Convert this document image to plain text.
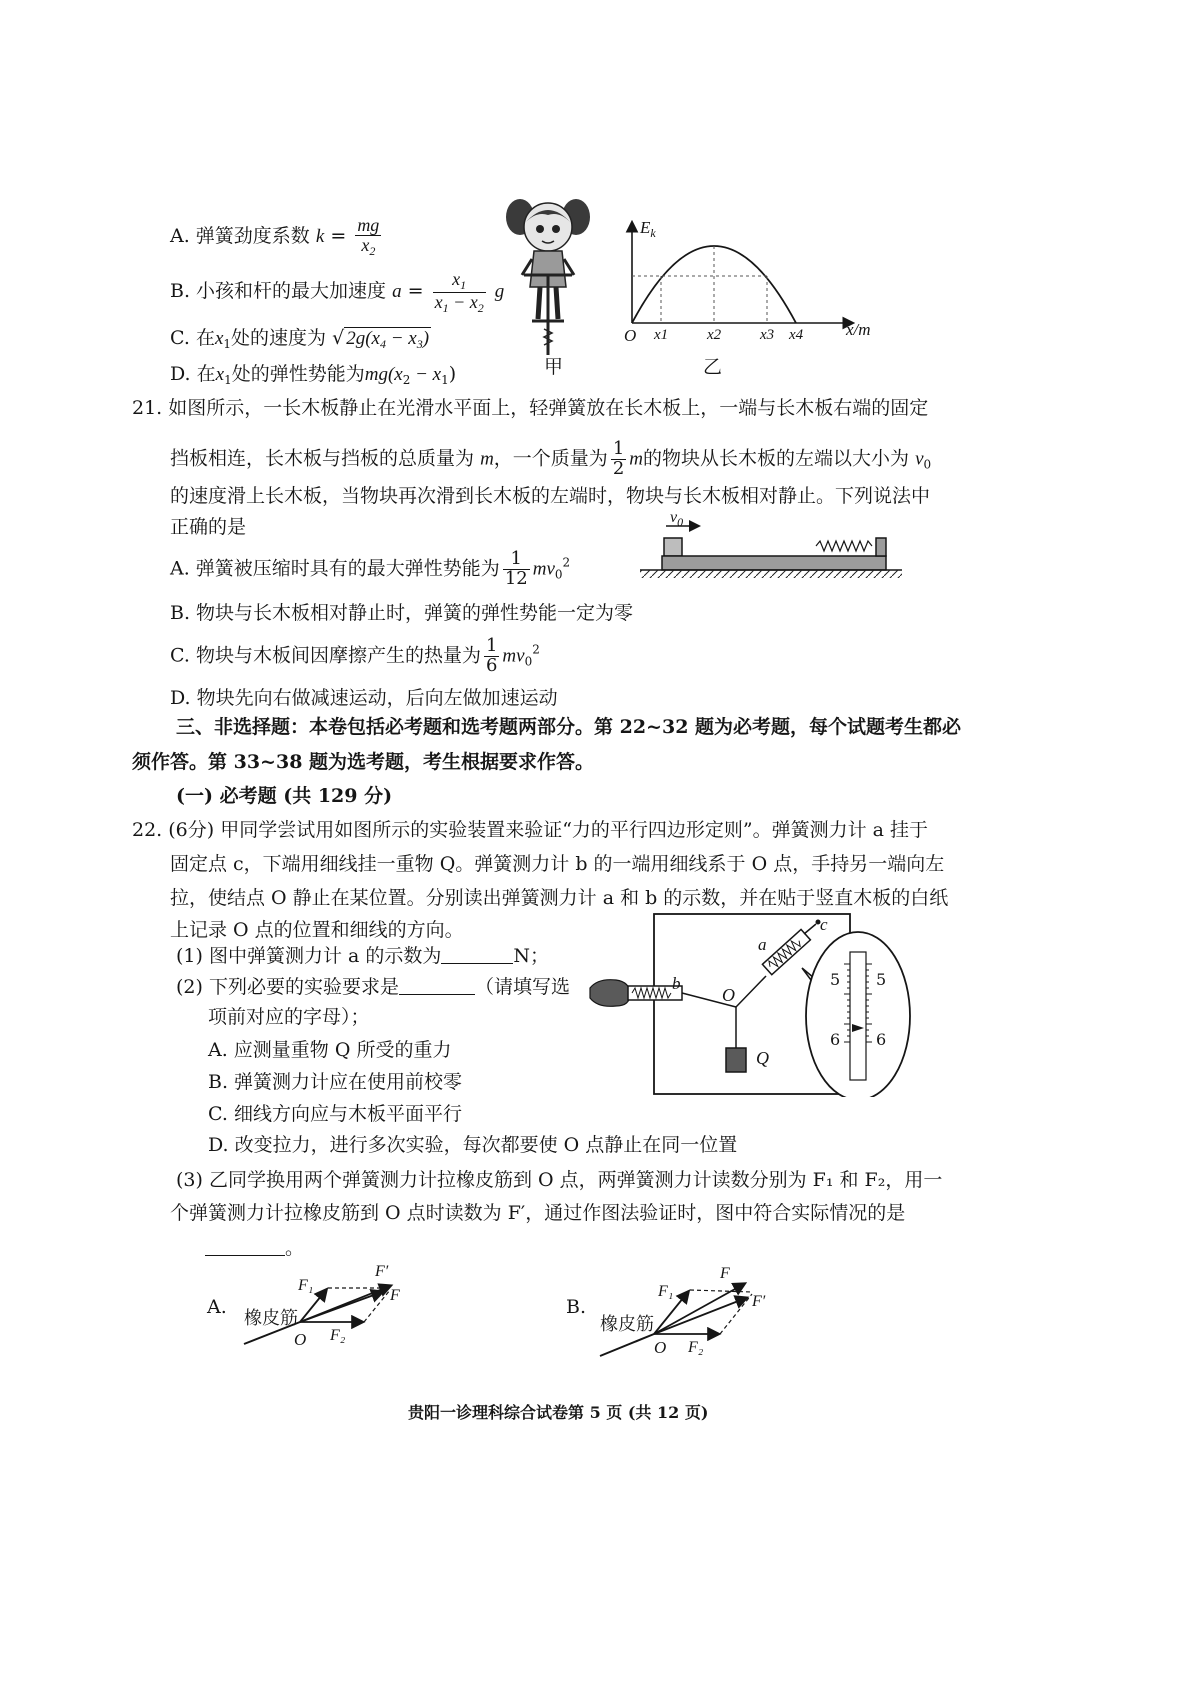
A. 弹簧劲度系数 $k = \frac{mg}{x_2}$
B. 小孩和杆的最大加速度 $a = \frac{x_1}{x_1 - x_2}$ g
C. 在$x_1$处的速度为 √ $2g(x_4 - x_3)$
D. 在$x_1$处的弹性势能为$mg(x_2 - x_1)$	甲
$E_k$
O x1	x2	x3 x4	x/m
乙
21. 如图所示，一长木板静止在光滑水平面上，轻弹簧放在长木板上，一端与长木板右端的固定
挡板相连，长木板与挡板的总质量为 m，一个质量为 $\frac{1}{2}$ m的物块从长木板的左端以大小为 $v_0$
的速度滑上长木板，当物块再次滑到长木板的左端时，物块与长木板相对静止。下列说法中
正确的是
A. 弹簧被压缩时具有的最大弹性势能为 $\frac{1}{12} mv_0^2$
B. 物块与长木板相对静止时，弹簧的弹性势能一定为零
C. 物块与木板间因摩擦产生的热量为 $\frac{1}{6} mv_0^2$
D. 物块先向右做减速运动，后向左做加速运动
$v_0$
三、非选择题：本卷包括必考题和选考题两部分。第 22~32 题为必考题，每个试题考生都必
须作答。第 33~38 题为选考题，考生根据要求作答。
(一) 必考题 (共 129 分)
22. (6分) 甲同学尝试用如图所示的实验装置来验证“力的平行四边形定则”。弹簧测力计 a 挂于
固定点 c，下端用细线挂一重物 Q。弹簧测力计 b 的一端用细线系于 O 点，手持另一端向左
拉，使结点 O 静止在某位置。分别读出弹簧测力计 a 和 b 的示数，并在贴于竖直木板的白纸
上记录 O 点的位置和细线的方向。
(1) 图中弹簧测力计 a 的示数为	N；
(2) 下列必要的实验要求是	（请填写选
项前对应的字母）；
A. 应测量重物 Q 所受的重力
B. 弹簧测力计应在使用前校零
C. 细线方向应与木板平面平行
D. 改变拉力，进行多次实验，每次都要使 O 点静止在同一位置
(3) 乙同学换用两个弹簧测力计拉橡皮筋到 O 点，两弹簧测力计读数分别为 F₁ 和 F₂，用一
个弹簧测力计拉橡皮筋到 O 点时读数为 F′，通过作图法验证时，图中符合实际情况的是
。
a
c
b
O
Q
5 5
6 6
A.
F₁
F′
F
橡皮筋
O F₂
B.
F₁
F
F′
橡皮筋
O F₂
贵阳一诊理科综合试卷第 5 页 (共 12 页)
